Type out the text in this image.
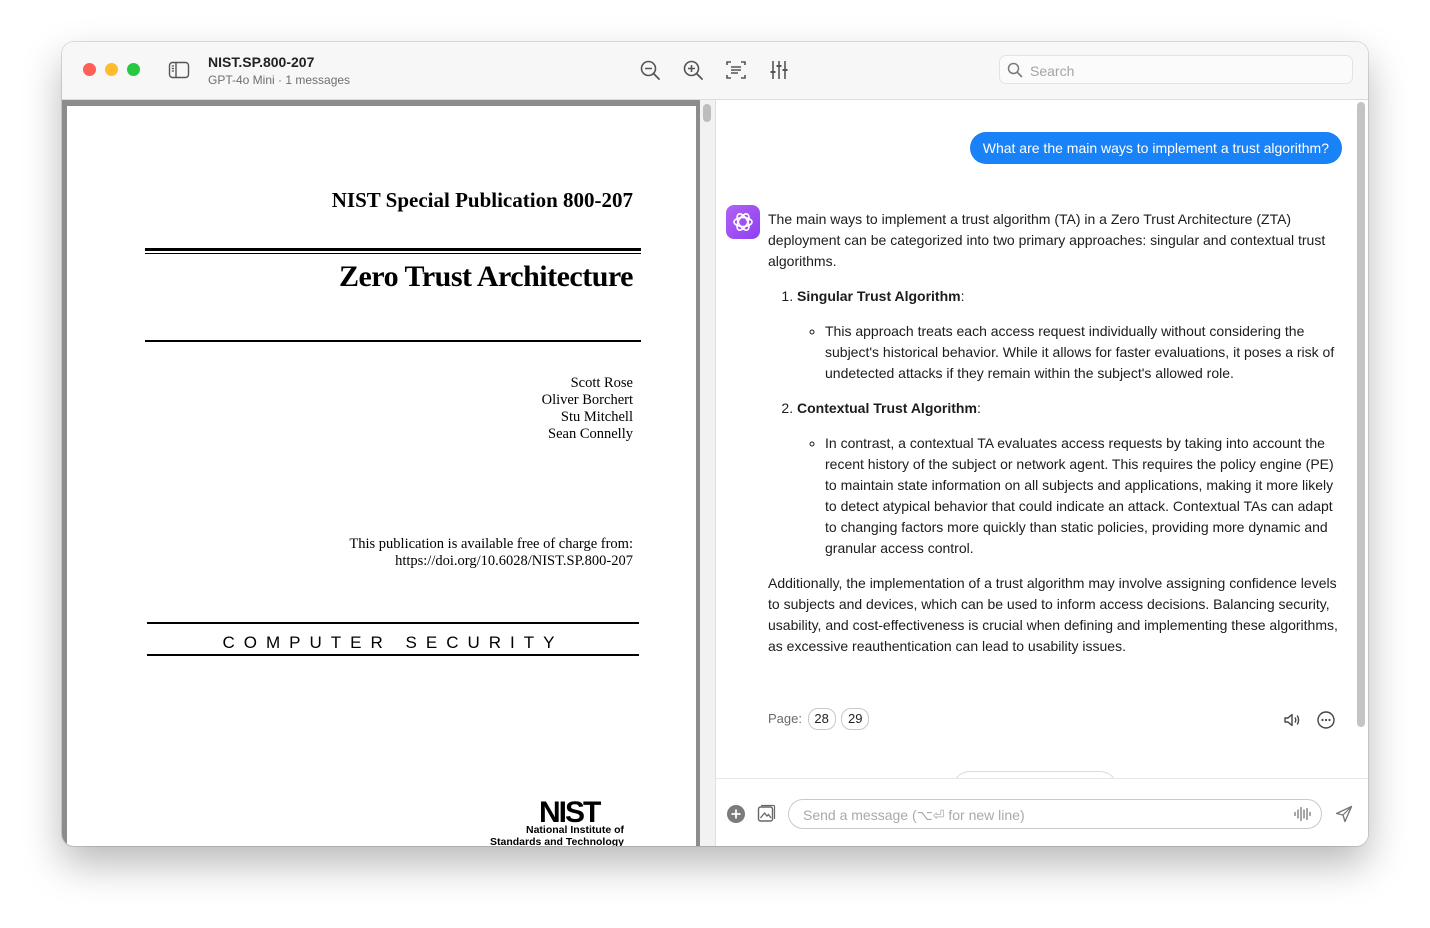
NIST.SP.800-207
GPT-4o Mini · 1 messages
Search
NIST Special Publication 800-207
Zero Trust Architecture
Scott Rose
Oliver Borchert
Stu Mitchell
Sean Connelly
This publication is available free of charge from:
https://doi.org/10.6028/NIST.SP.800-207
COMPUTER SECURITY
NIST
National Institute of
Standards and Technology
What are the main ways to implement a trust algorithm?

The main ways to implement a trust algorithm (TA) in a Zero Trust Architecture (ZTA) deployment can be categorized into two primary approaches: singular and contextual trust algorithms.

1. Singular Trust Algorithm:
◦ This approach treats each access request individually without considering the subject's historical behavior. While it allows for faster evaluations, it poses a risk of undetected attacks if they remain within the subject's allowed role.
2. Contextual Trust Algorithm:
◦ In contrast, a contextual TA evaluates access requests by taking into account the recent history of the subject or network agent. This requires the policy engine (PE) to maintain state information on all subjects and applications, making it more likely to detect atypical behavior that could indicate an attack. Contextual TAs can adapt to changing factors more quickly than static policies, providing more dynamic and granular access control.

Additionally, the implementation of a trust algorithm may involve assigning confidence levels to subjects and devices, which can be used to inform access decisions. Balancing security, usability, and cost-effectiveness is crucial when defining and implementing these algorithms, as excessive reauthentication can lead to usability issues.

Page: 28 29
Send a message (⌥⏎ for new line)
